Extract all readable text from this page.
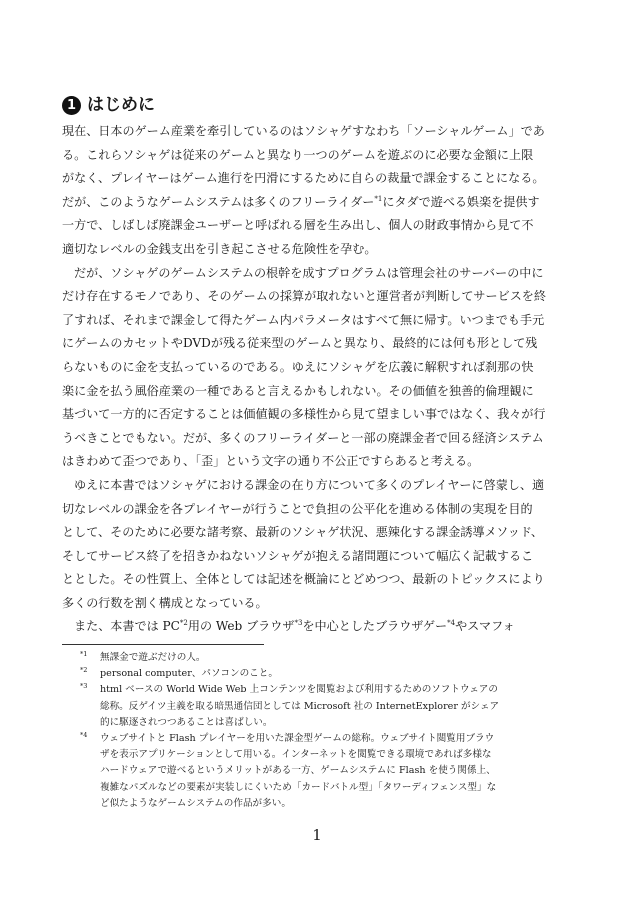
1 はじめに

現在、日本のゲーム産業を牽引しているのはソシャゲすなわち「ソーシャルゲーム」であ
る。これらソシャゲは従来のゲームと異なり一つのゲームを遊ぶのに必要な金額に上限
がなく、プレイヤーはゲーム進行を円滑にするために自らの裁量で課金することになる。
だが、このようなゲームシステムは多くのフリーライダー$^{*1}$にタダで遊べる娯楽を提供す
一方で、しばしば廃課金ユーザーと呼ばれる層を生み出し、個人の財政事情から見て不
適切なレベルの金銭支出を引き起こさせる危険性を孕む。

だが、ソシャゲのゲームシステムの根幹を成すプログラムは管理会社のサーバーの中に
だけ存在するモノであり、そのゲームの採算が取れないと運営者が判断してサービスを終
了すれば、それまで課金して得たゲーム内パラメータはすべて無に帰す。いつまでも手元
にゲームのカセットやDVDが残る従来型のゲームと異なり、最終的には何も形として残
らないものに金を支払っているのである。ゆえにソシャゲを広義に解釈すれば刹那の快
楽に金を払う風俗産業の一種であると言えるかもしれない。その価値を独善的倫理観に
基づいて一方的に否定することは価値観の多様性から見て望ましい事ではなく、我々が行
うべきことでもない。だが、多くのフリーライダーと一部の廃課金者で回る経済システム
はきわめて歪つであり、「歪」という文字の通り不公正ですらあると考える。

ゆえに本書ではソシャゲにおける課金の在り方について多くのプレイヤーに啓蒙し、適
切なレベルの課金を各プレイヤーが行うことで負担の公平化を進める体制の実現を目的
として、そのために必要な諸考察、最新のソシャゲ状況、悪辣化する課金誘導メソッド、
そしてサービス終了を招きかねないソシャゲが抱える諸問題について幅広く記載するこ
ととした。その性質上、全体としては記述を概論にとどめつつ、最新のトピックスにより
多くの行数を割く構成となっている。

また、本書では PC$^{*2}$用の Web ブラウザ$^{*3}$を中心としたブラウザゲー$^{*4}$やスマフォ

$^{*1}$	無課金で遊ぶだけの人。
$^{*2}$	personal computer、パソコンのこと。
$^{*3}$	html ベースの World Wide Web 上コンテンツを閲覧および利用するためのソフトウェアの
総称。反ゲイツ主義を取る暗黒通信団としては Microsoft 社の InternetExplorer がシェア
的に駆逐されつつあることは喜ばしい。
$^{*4}$	ウェブサイトと Flash プレイヤーを用いた課金型ゲームの総称。ウェブサイト閲覧用ブラウ
ザを表示アプリケーションとして用いる。インターネットを閲覧できる環境であれば多様な
ハードウェアで遊べるというメリットがある一方、ゲームシステムに Flash を使う関係上、
複雑なパズルなどの要素が実装しにくいため「カードバトル型」「タワーディフェンス型」な
ど似たようなゲームシステムの作品が多い。
1
